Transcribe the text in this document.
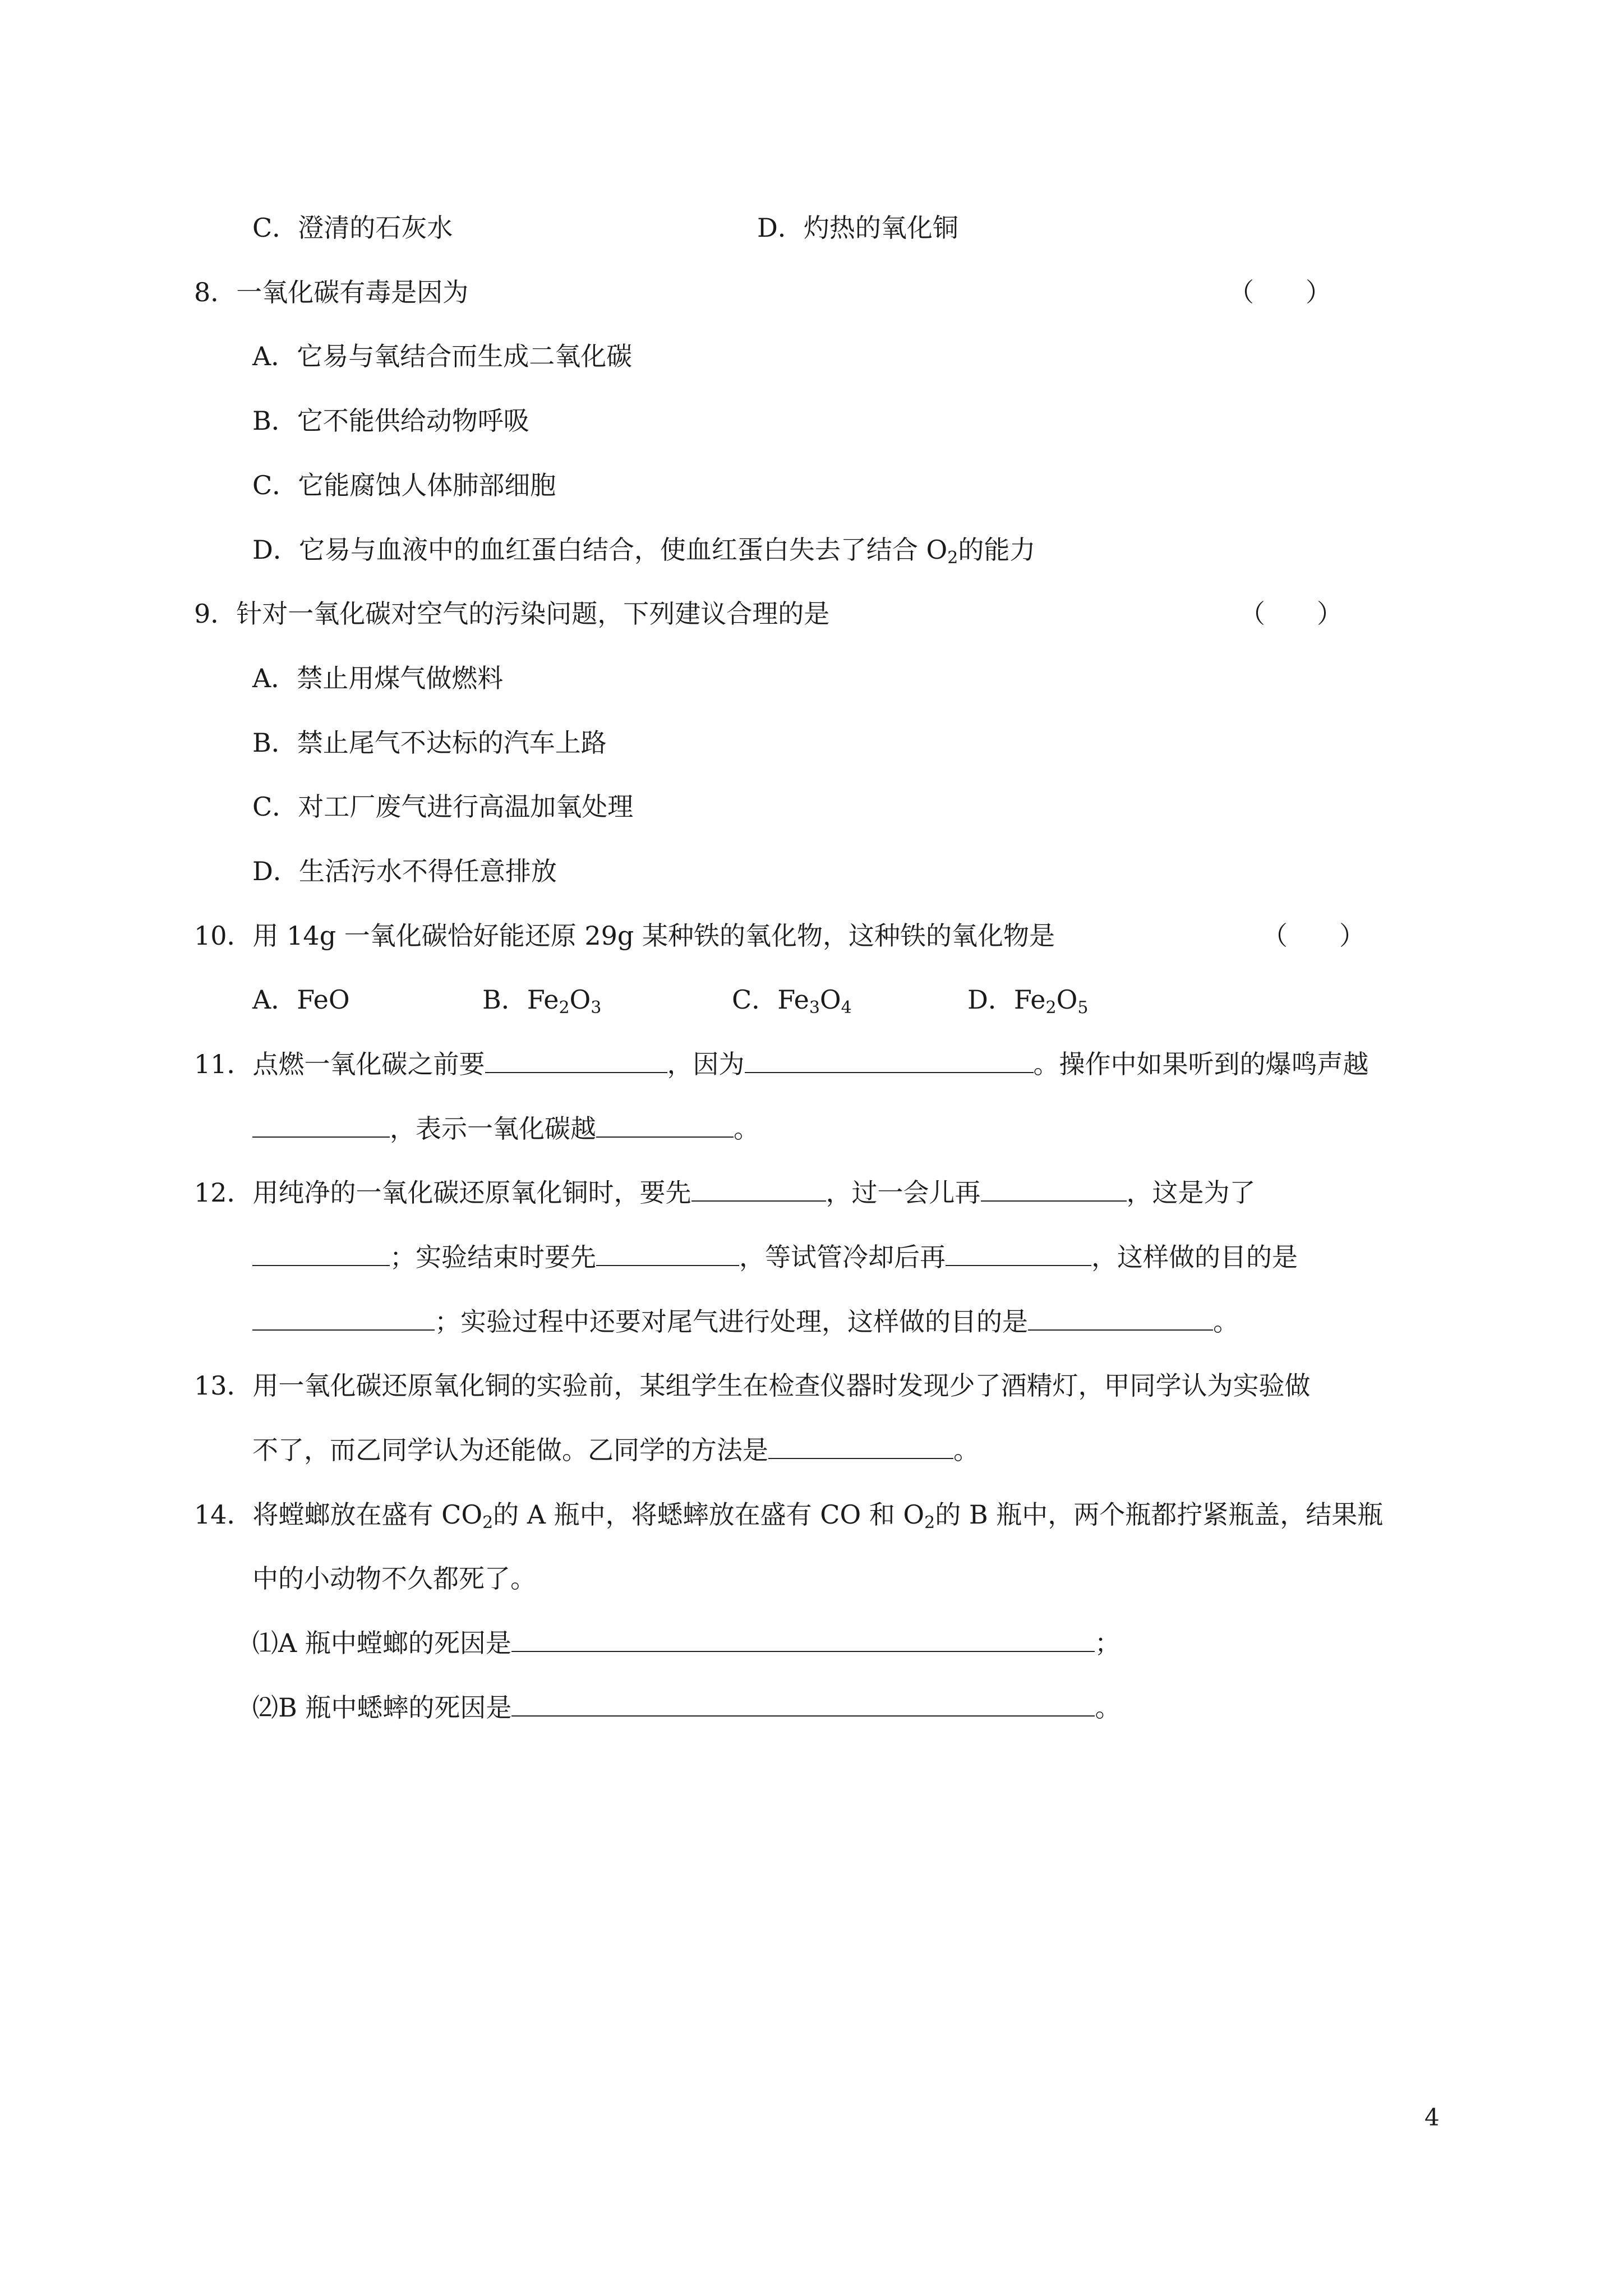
C．澄清的石灰水	D．灼热的氧化铜
8．一氧化碳有毒是因为	（　　）
A．它易与氧结合而生成二氧化碳
B．它不能供给动物呼吸
C．它能腐蚀人体肺部细胞
D．它易与血液中的血红蛋白结合，使血红蛋白失去了结合 $O_2$的能力
9．针对一氧化碳对空气的污染问题，下列建议合理的是	（　　）
A．禁止用煤气做燃料
B．禁止尾气不达标的汽车上路
C．对工厂废气进行高温加氧处理
D．生活污水不得任意排放
10．用 14g 一氧化碳恰好能还原 29g 某种铁的氧化物，这种铁的氧化物是	（　　）
A．FeO	B．$Fe_2O_3$	C．$Fe_3O_4$	D．$Fe_2O_5$
11．点燃一氧化碳之前要	，因为	。操作中如果听到的爆鸣声越
，表示一氧化碳越	。
12．用纯净的一氧化碳还原氧化铜时，要先	，过一会儿再	，这是为了
；实验结束时要先	，等试管冷却后再	，这样做的目的是
；实验过程中还要对尾气进行处理，这样做的目的是	。
13．用一氧化碳还原氧化铜的实验前，某组学生在检查仪器时发现少了酒精灯，甲同学认为实验做
不了，而乙同学认为还能做。乙同学的方法是	。
14．将螳螂放在盛有 $CO_2$的 A 瓶中，将蟋蟀放在盛有 CO 和 $O_2$的 B 瓶中，两个瓶都拧紧瓶盖，结果瓶
中的小动物不久都死了。
⑴A 瓶中螳螂的死因是	；
⑵B 瓶中蟋蟀的死因是	。
4
